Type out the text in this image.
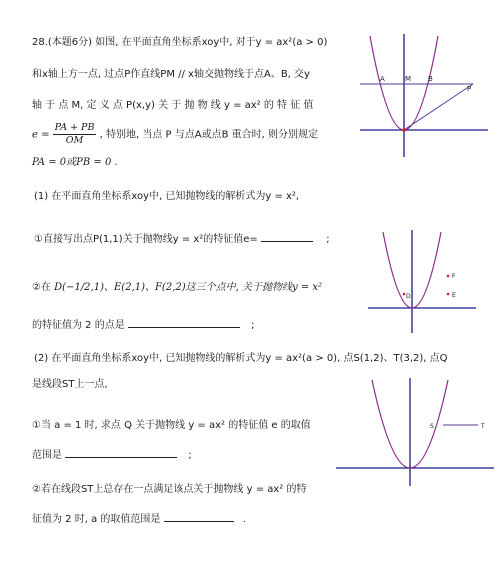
28.(本题6分) 如图, 在平面直角坐标系xoy中, 对于y = ax²(a > 0)
和x轴上方一点, 过点P作直线PM // x轴交抛物线于点A、B, 交y
轴 于 点 M, 定 义 点 P(x,y) 关 于 抛 物 线 y = ax² 的 特 征 值
$e = \frac{PA + PB}{OM}$ , 特别地, 当点 P 与点A或点B 重合时, 则分别规定
PA = 0或PB = 0 .
(1) 在平面直角坐标系xoy中, 已知抛物线的解析式为y = x²,
①直接写出点P(1,1)关于抛物线y = x²的特征值e=	;
②在 D(−1/2,1)、E(2,1)、F(2,2)这三个点中, 关于抛物线y = x²
的特征值为 2 的点是	;
(2) 在平面直角坐标系xoy中, 已知抛物线的解析式为y = ax²(a > 0), 点S(1,2)、T(3,2), 点Q
是线段ST上一点,
①当 a = 1 时, 求点 Q 关于抛物线 y = ax² 的特征值 e 的取值
范围是	;
②若在线段ST上总存在一点满足该点关于抛物线 y = ax² 的特
征值为 2 时, a 的取值范围是	.
A	M B
P
F
E
D
S	T
